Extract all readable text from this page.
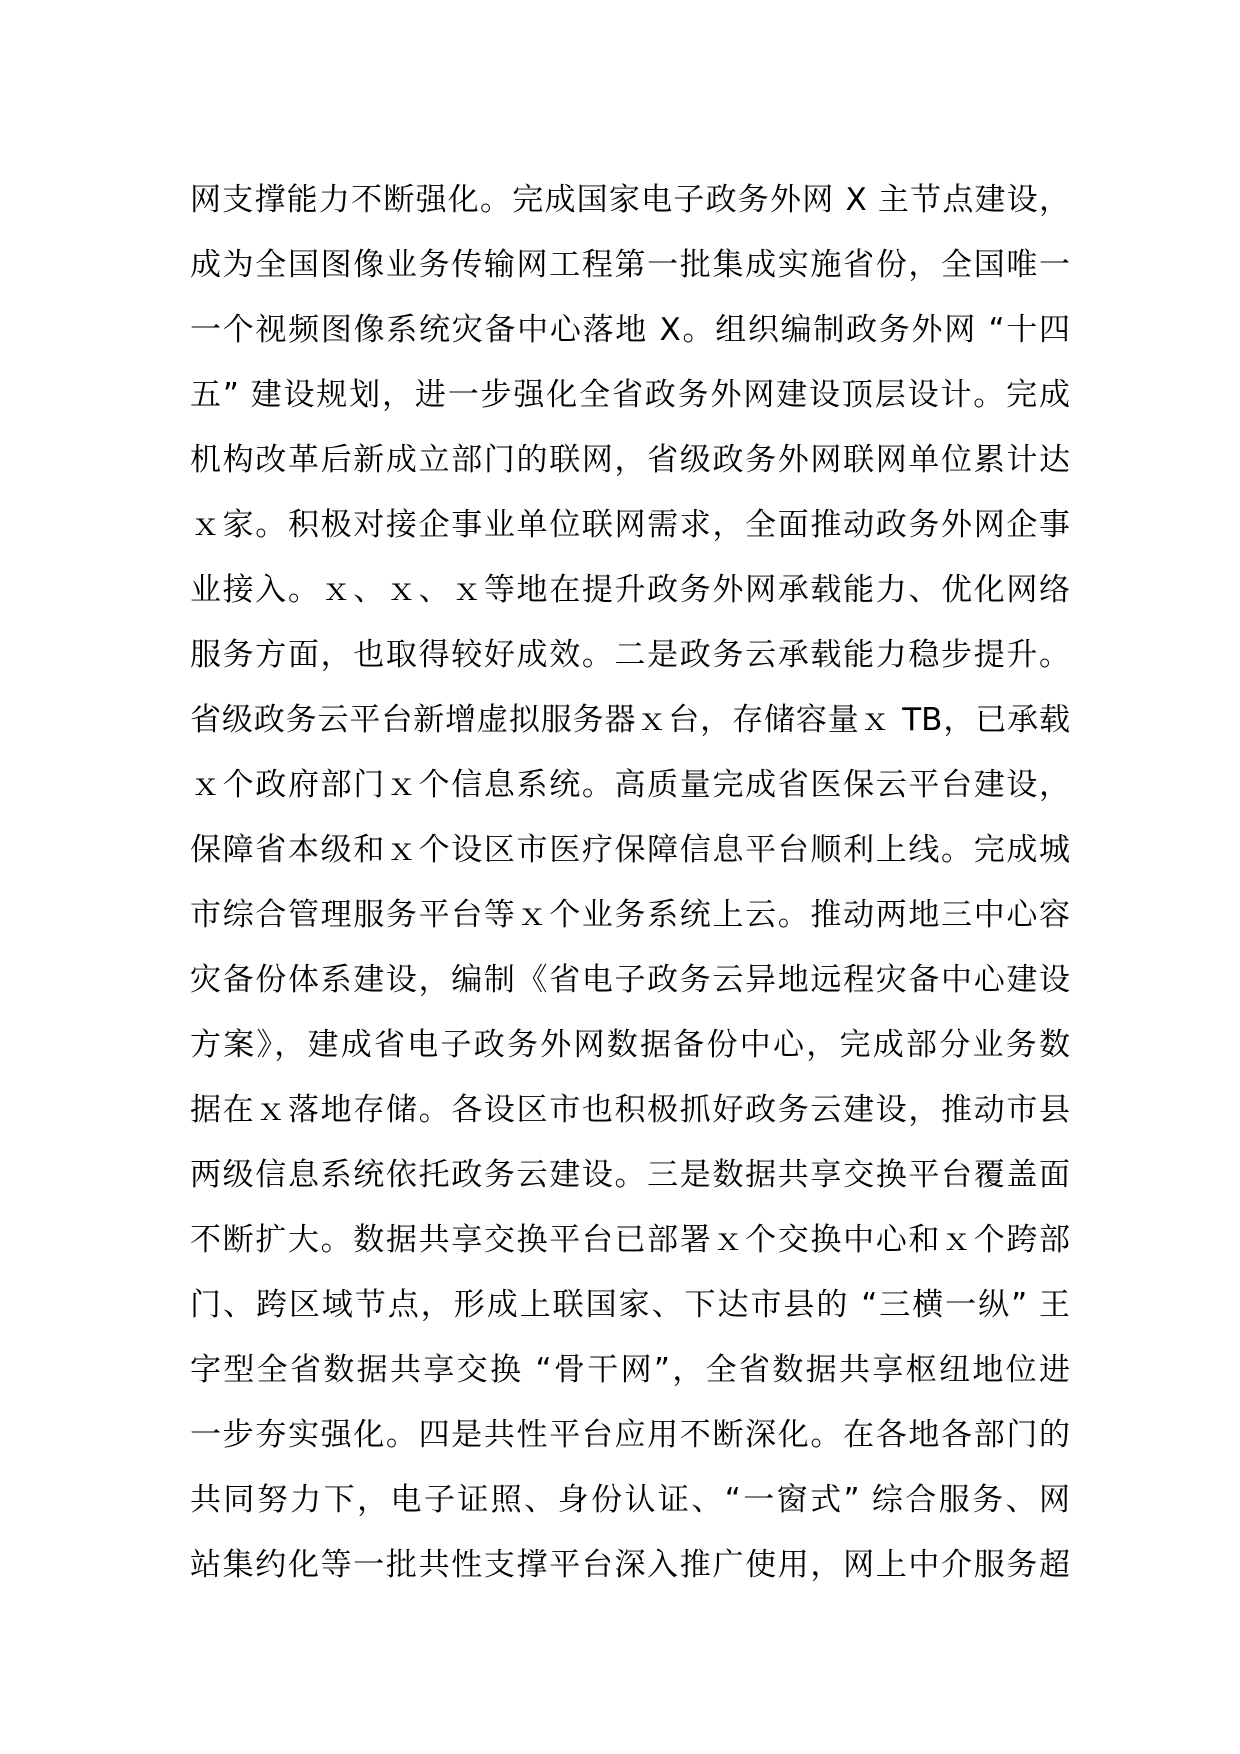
网支撑能力不断强化。完成国家电子政务外网 X 主节点建设，
成为全国图像业务传输网工程第一批集成实施省份，全国唯一
一个视频图像系统灾备中心落地 X。组织编制政务外网 “十四
五” 建设规划，进一步强化全省政务外网建设顶层设计。完成
机构改革后新成立部门的联网，省级政务外网联网单位累计达
ｘ家。积极对接企事业单位联网需求，全面推动政务外网企事
业接入。ｘ、ｘ、ｘ等地在提升政务外网承载能力、优化网络
服务方面，也取得较好成效。二是政务云承载能力稳步提升。
省级政务云平台新增虚拟服务器ｘ台，存储容量ｘ TB，已承载
ｘ个政府部门ｘ个信息系统。高质量完成省医保云平台建设，
保障省本级和ｘ个设区市医疗保障信息平台顺利上线。完成城
市综合管理服务平台等ｘ个业务系统上云。推动两地三中心容
灾备份体系建设，编制《省电子政务云异地远程灾备中心建设
方案》，建成省电子政务外网数据备份中心，完成部分业务数
据在ｘ落地存储。各设区市也积极抓好政务云建设，推动市县
两级信息系统依托政务云建设。三是数据共享交换平台覆盖面
不断扩大。数据共享交换平台已部署ｘ个交换中心和ｘ个跨部
门、跨区域节点，形成上联国家、下达市县的 “三横一纵” 王
字型全省数据共享交换 “骨干网”，全省数据共享枢纽地位进
一步夯实强化。四是共性平台应用不断深化。在各地各部门的
共同努力下，电子证照、身份认证、“一窗式” 综合服务、网
站集约化等一批共性支撑平台深入推广使用，网上中介服务超
